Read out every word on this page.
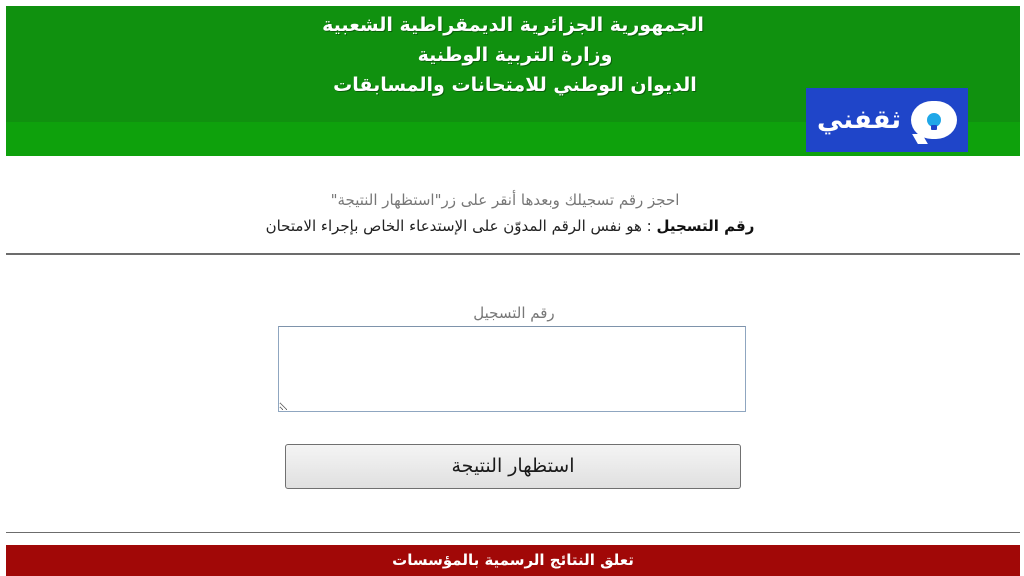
الجمهورية الجزائرية الديمقراطية الشعبية
وزارة التربية الوطنية
الديوان الوطني للامتحانات والمسابقات
ثقفني
احجز رقم تسجيلك وبعدها أنقر على زر"استظهار النتيجة"
رقم التسجيل : هو نفس الرقم المدوّن على الإستدعاء الخاص بإجراء الامتحان
رقم التسجيل
استظهار النتيجة
تعلق النتائج الرسمية بالمؤسسات
